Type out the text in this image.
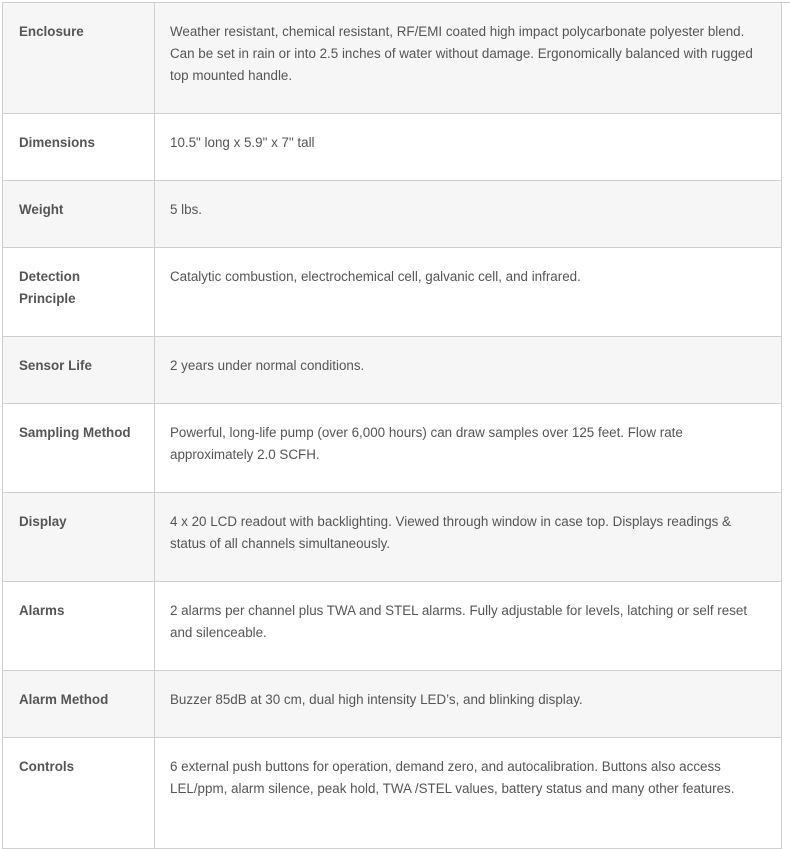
Enclosure	Weather resistant, chemical resistant, RF/EMI coated high impact polycarbonate polyester blend. Can be set in rain or into 2.5 inches of water without damage. Ergonomically balanced with rugged top mounted handle.

Dimensions	10.5" long x 5.9" x 7" tall

Weight	5 lbs.

Detection Principle	Catalytic combustion, electrochemical cell, galvanic cell, and infrared.

Sensor Life	2 years under normal conditions.

Sampling Method	Powerful, long-life pump (over 6,000 hours) can draw samples over 125 feet. Flow rate approximately 2.0 SCFH.

Display	4 x 20 LCD readout with backlighting. Viewed through window in case top. Displays readings & status of all channels simultaneously.

Alarms	2 alarms per channel plus TWA and STEL alarms. Fully adjustable for levels, latching or self reset and silenceable.

Alarm Method	Buzzer 85dB at 30 cm, dual high intensity LED’s, and blinking display.

Controls	6 external push buttons for operation, demand zero, and autocalibration. Buttons also access LEL/ppm, alarm silence, peak hold, TWA /STEL values, battery status and many other features.
